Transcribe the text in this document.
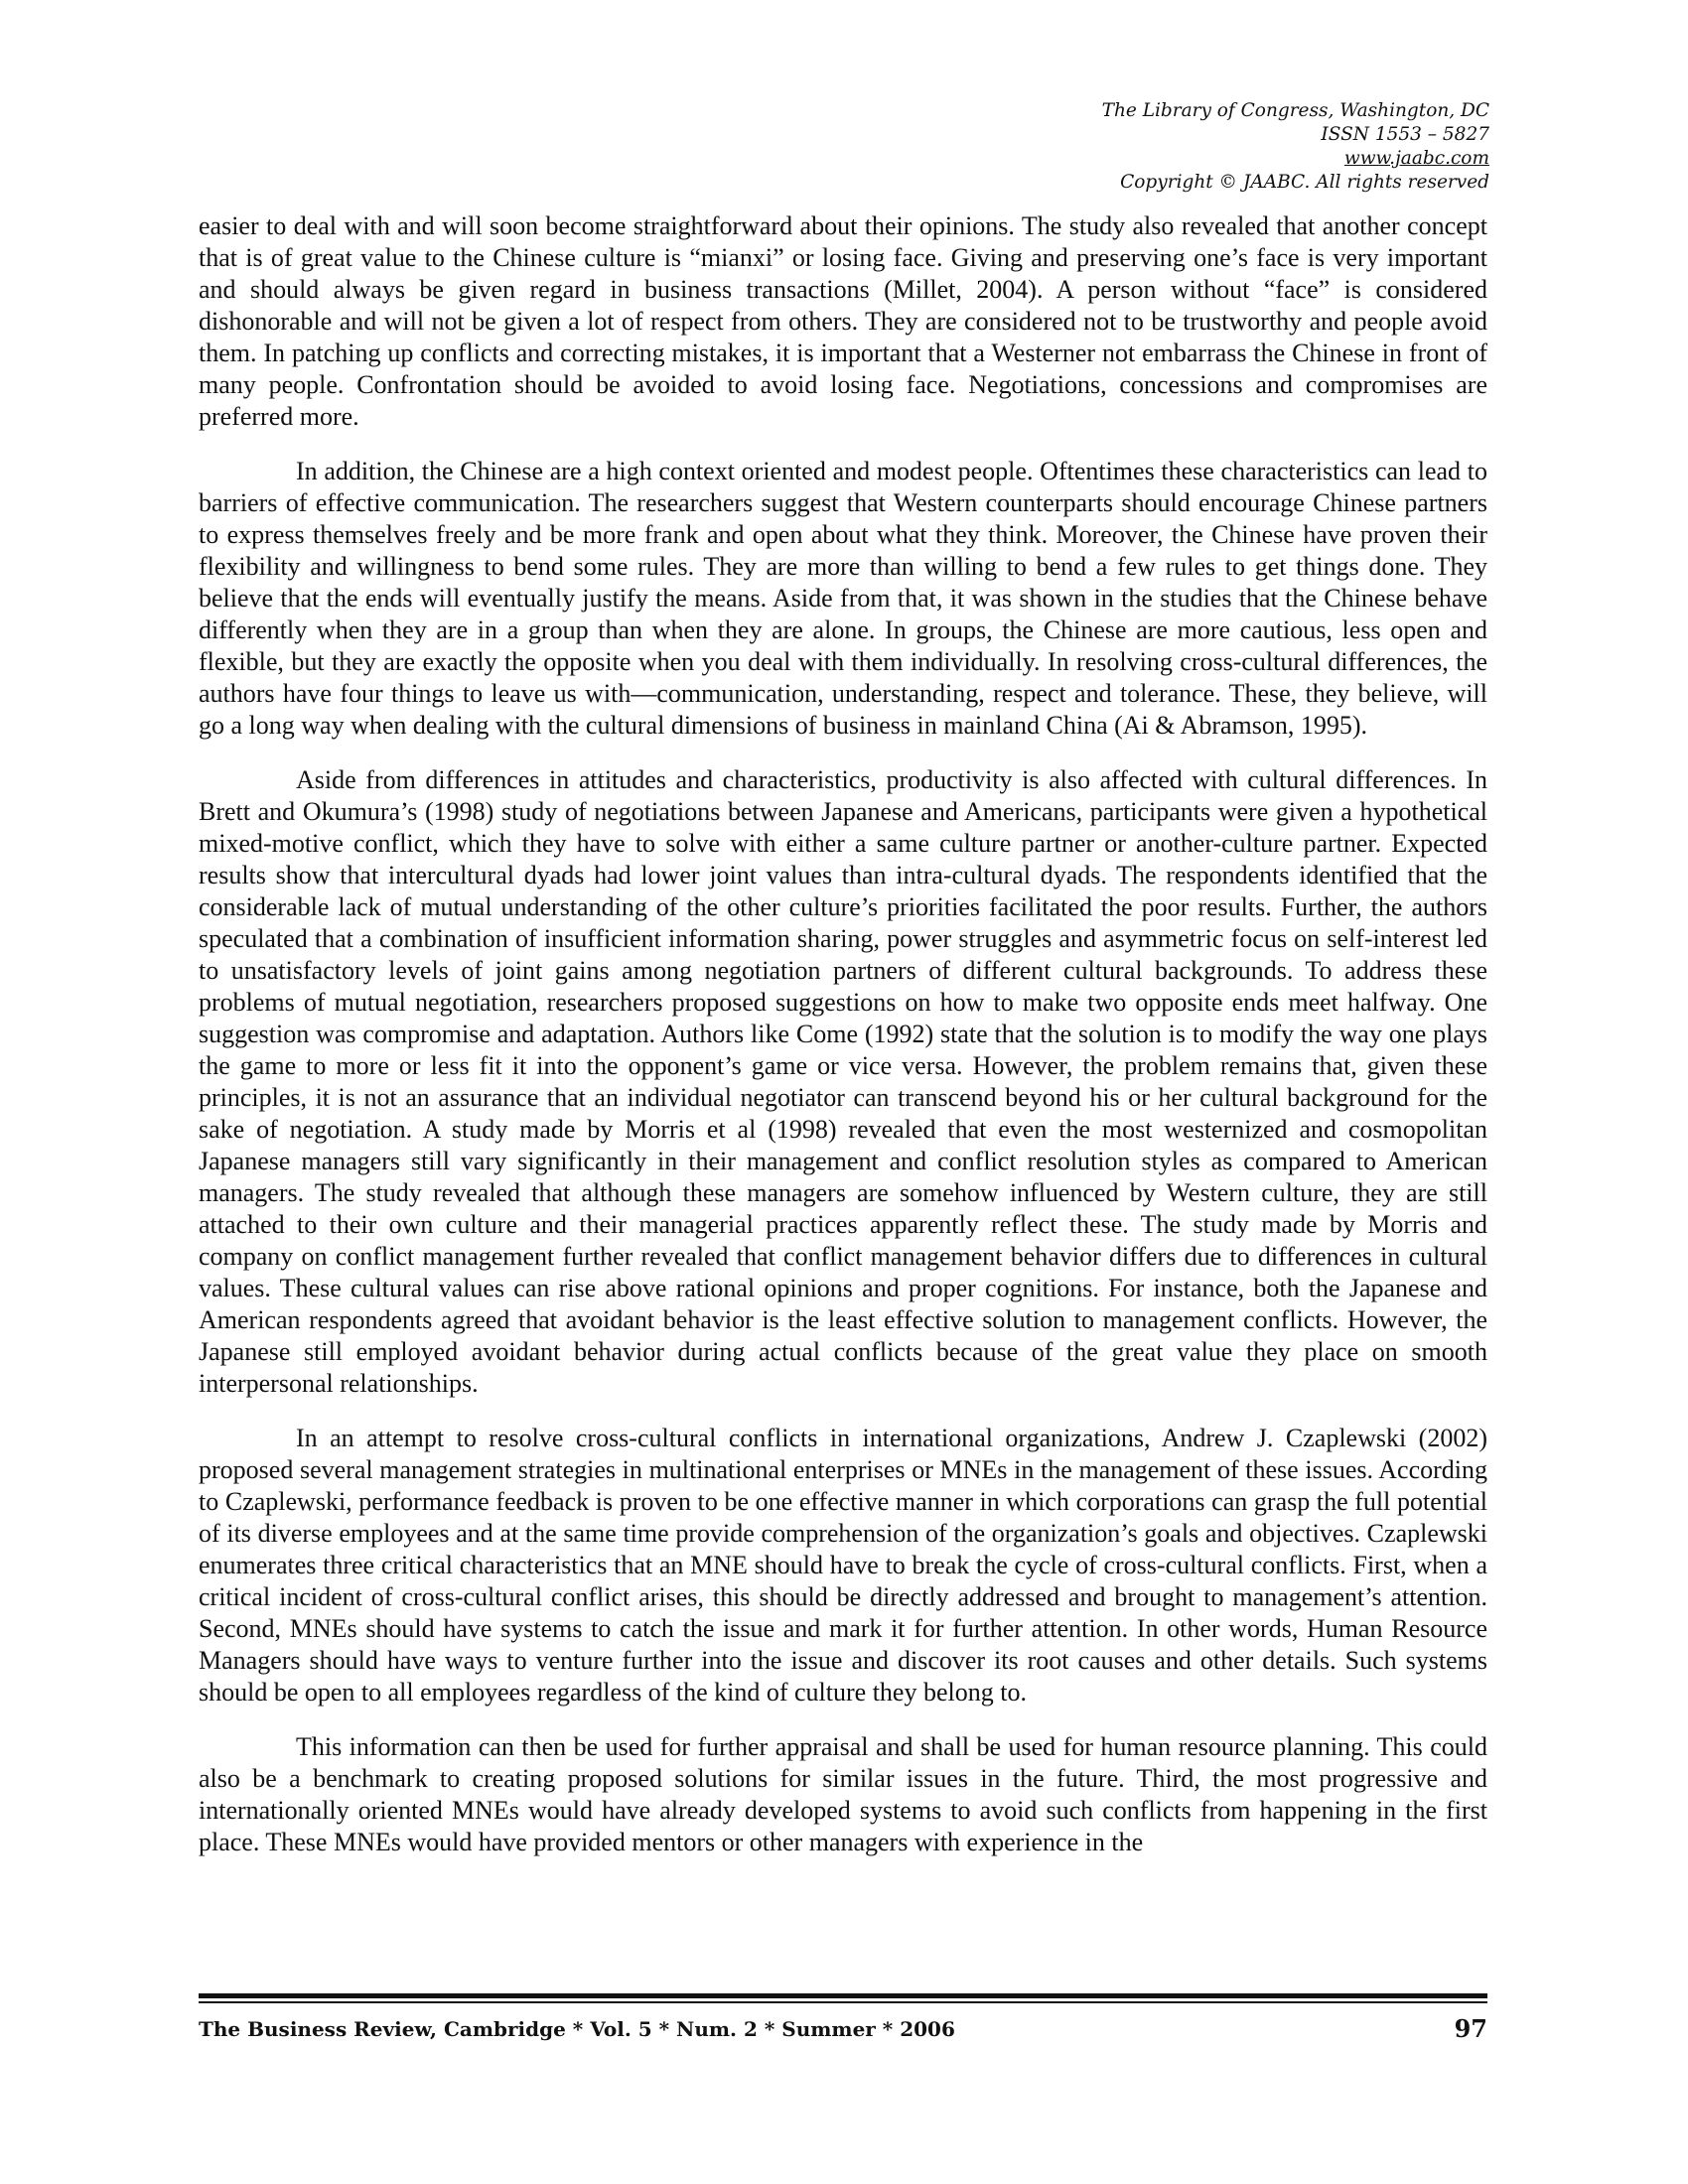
The Library of Congress, Washington, DC
ISSN 1553 – 5827
www.jaabc.com
Copyright © JAABC. All rights reserved

easier to deal with and will soon become straightforward about their opinions. The study also revealed that another concept that is of great value to the Chinese culture is “mianxi” or losing face. Giving and preserving one’s face is very important and should always be given regard in business transactions (Millet, 2004). A person without “face” is considered dishonorable and will not be given a lot of respect from others. They are considered not to be trustworthy and people avoid them. In patching up conflicts and correcting mistakes, it is important that a Westerner not embarrass the Chinese in front of many people. Confrontation should be avoided to avoid losing face. Negotiations, concessions and compromises are preferred more.

In addition, the Chinese are a high context oriented and modest people. Oftentimes these characteristics can lead to barriers of effective communication. The researchers suggest that Western counterparts should encourage Chinese partners to express themselves freely and be more frank and open about what they think. Moreover, the Chinese have proven their flexibility and willingness to bend some rules. They are more than willing to bend a few rules to get things done. They believe that the ends will eventually justify the means. Aside from that, it was shown in the studies that the Chinese behave differently when they are in a group than when they are alone. In groups, the Chinese are more cautious, less open and flexible, but they are exactly the opposite when you deal with them individually. In resolving cross-cultural differences, the authors have four things to leave us with—communication, understanding, respect and tolerance. These, they believe, will go a long way when dealing with the cultural dimensions of business in mainland China (Ai & Abramson, 1995).

Aside from differences in attitudes and characteristics, productivity is also affected with cultural differences. In Brett and Okumura’s (1998) study of negotiations between Japanese and Americans, participants were given a hypothetical mixed-motive conflict, which they have to solve with either a same culture partner or another-culture partner. Expected results show that intercultural dyads had lower joint values than intra-cultural dyads. The respondents identified that the considerable lack of mutual understanding of the other culture’s priorities facilitated the poor results. Further, the authors speculated that a combination of insufficient information sharing, power struggles and asymmetric focus on self-interest led to unsatisfactory levels of joint gains among negotiation partners of different cultural backgrounds. To address these problems of mutual negotiation, researchers proposed suggestions on how to make two opposite ends meet halfway. One suggestion was compromise and adaptation. Authors like Come (1992) state that the solution is to modify the way one plays the game to more or less fit it into the opponent’s game or vice versa. However, the problem remains that, given these principles, it is not an assurance that an individual negotiator can transcend beyond his or her cultural background for the sake of negotiation. A study made by Morris et al (1998) revealed that even the most westernized and cosmopolitan Japanese managers still vary significantly in their management and conflict resolution styles as compared to American managers. The study revealed that although these managers are somehow influenced by Western culture, they are still attached to their own culture and their managerial practices apparently reflect these. The study made by Morris and company on conflict management further revealed that conflict management behavior differs due to differences in cultural values. These cultural values can rise above rational opinions and proper cognitions. For instance, both the Japanese and American respondents agreed that avoidant behavior is the least effective solution to management conflicts. However, the Japanese still employed avoidant behavior during actual conflicts because of the great value they place on smooth interpersonal relationships.

In an attempt to resolve cross-cultural conflicts in international organizations, Andrew J. Czaplewski (2002) proposed several management strategies in multinational enterprises or MNEs in the management of these issues. According to Czaplewski, performance feedback is proven to be one effective manner in which corporations can grasp the full potential of its diverse employees and at the same time provide comprehension of the organization’s goals and objectives. Czaplewski enumerates three critical characteristics that an MNE should have to break the cycle of cross-cultural conflicts. First, when a critical incident of cross-cultural conflict arises, this should be directly addressed and brought to management’s attention. Second, MNEs should have systems to catch the issue and mark it for further attention. In other words, Human Resource Managers should have ways to venture further into the issue and discover its root causes and other details. Such systems should be open to all employees regardless of the kind of culture they belong to.

This information can then be used for further appraisal and shall be used for human resource planning. This could also be a benchmark to creating proposed solutions for similar issues in the future. Third, the most progressive and internationally oriented MNEs would have already developed systems to avoid such conflicts from happening in the first place. These MNEs would have provided mentors or other managers with experience in the

The Business Review, Cambridge * Vol. 5 * Num. 2 * Summer * 2006	97
